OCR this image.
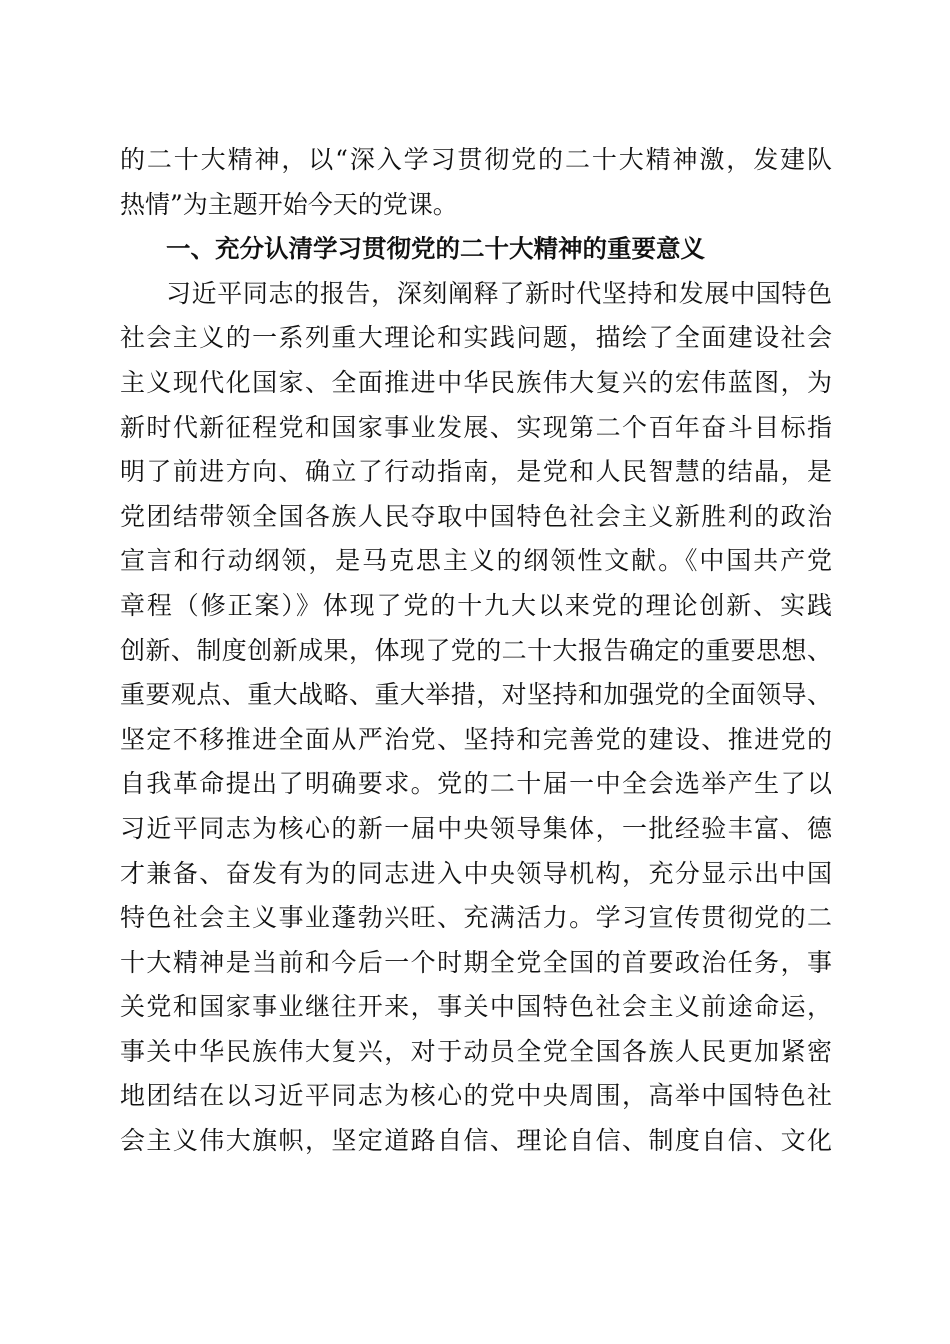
的二十大精神，以“深入学习贯彻党的二十大精神激，发建队
热情”为主题开始今天的党课。
一、充分认清学习贯彻党的二十大精神的重要意义
习近平同志的报告，深刻阐释了新时代坚持和发展中国特色
社会主义的一系列重大理论和实践问题，描绘了全面建设社会
主义现代化国家、全面推进中华民族伟大复兴的宏伟蓝图，为
新时代新征程党和国家事业发展、实现第二个百年奋斗目标指
明了前进方向、确立了行动指南，是党和人民智慧的结晶，是
党团结带领全国各族人民夺取中国特色社会主义新胜利的政治
宣言和行动纲领，是马克思主义的纲领性文献。《中国共产党
章程（修正案）》体现了党的十九大以来党的理论创新、实践
创新、制度创新成果，体现了党的二十大报告确定的重要思想、
重要观点、重大战略、重大举措，对坚持和加强党的全面领导、
坚定不移推进全面从严治党、坚持和完善党的建设、推进党的
自我革命提出了明确要求。党的二十届一中全会选举产生了以
习近平同志为核心的新一届中央领导集体，一批经验丰富、德
才兼备、奋发有为的同志进入中央领导机构，充分显示出中国
特色社会主义事业蓬勃兴旺、充满活力。学习宣传贯彻党的二
十大精神是当前和今后一个时期全党全国的首要政治任务，事
关党和国家事业继往开来，事关中国特色社会主义前途命运，
事关中华民族伟大复兴，对于动员全党全国各族人民更加紧密
地团结在以习近平同志为核心的党中央周围，高举中国特色社
会主义伟大旗帜，坚定道路自信、理论自信、制度自信、文化
